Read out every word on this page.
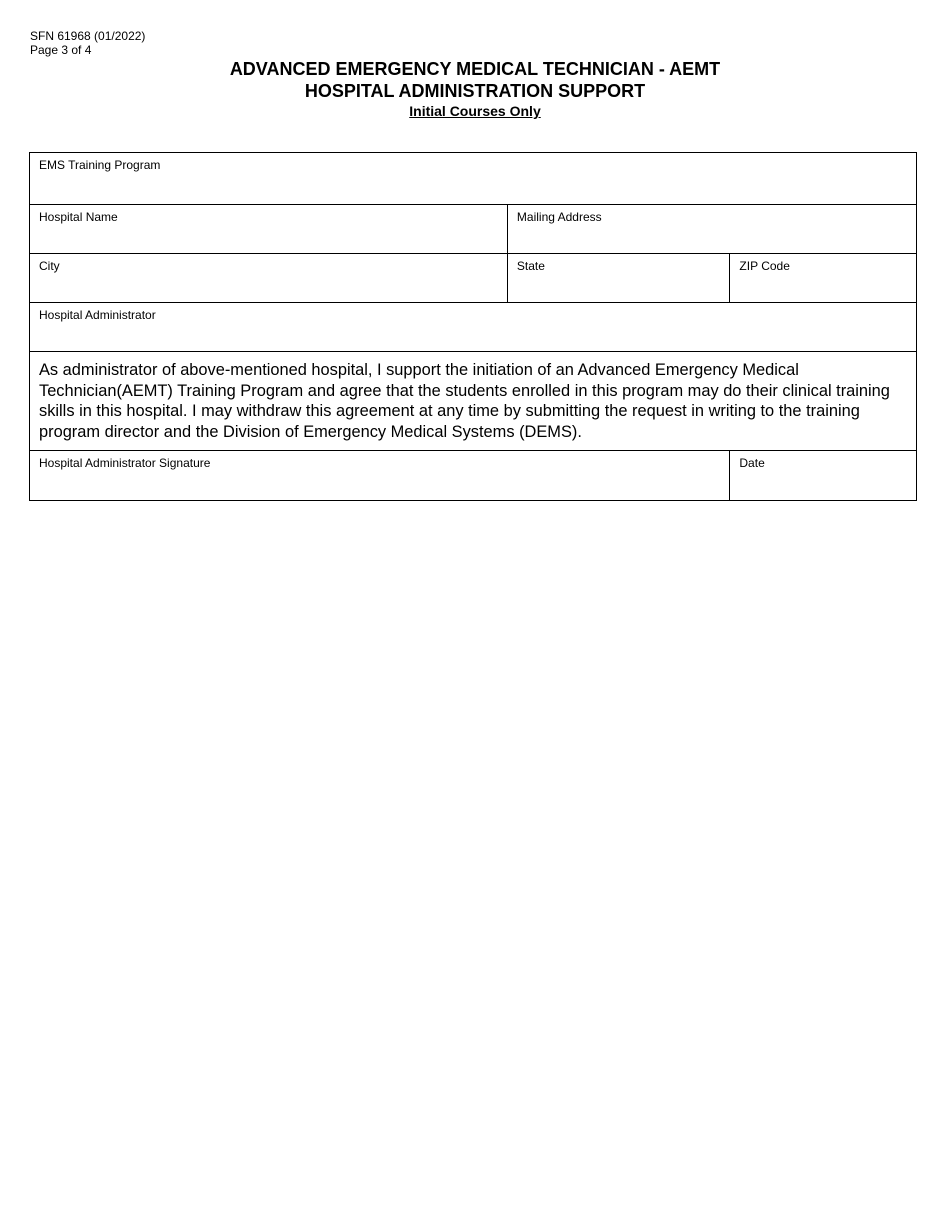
SFN 61968 (01/2022)
Page 3 of 4
ADVANCED EMERGENCY MEDICAL TECHNICIAN - AEMT
HOSPITAL ADMINISTRATION SUPPORT
Initial Courses Only
EMS Training Program
Hospital Name	Mailing Address
City	State	ZIP Code
Hospital Administrator
As administrator of above-mentioned hospital, I support the initiation of an Advanced Emergency Medical Technician(AEMT) Training Program and agree that the students enrolled in this program may do their clinical training skills in this hospital. I may withdraw this agreement at any time by submitting the request in writing to the training program director and the Division of Emergency Medical Systems (DEMS).
Hospital Administrator Signature	Date
